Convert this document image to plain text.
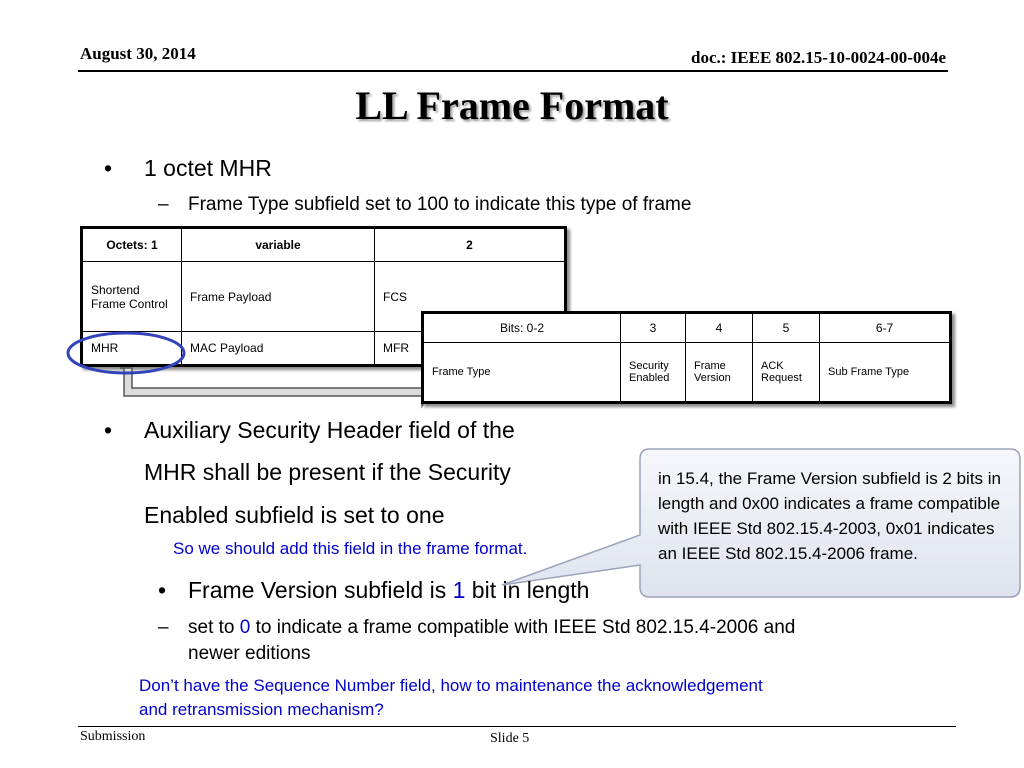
August 30, 2014	doc.: IEEE 802.15-10-0024-00-004e
LL Frame Format
• 1 octet MHR
– Frame Type subfield set to 100 to indicate this type of frame
Octets: 1	variable	2
Shortend Frame Control	Frame Payload	FCS
MHR	MAC Payload	MFR
Bits: 0-2	3	4	5	6-7
Frame Type	Security Enabled	Frame Version	ACK Request	Sub Frame Type
• Auxiliary Security Header field of the
MHR shall be present if the Security
Enabled subfield is set to one
So we should add this field in the frame format.
in 15.4, the Frame Version subfield is 2 bits in length and 0x00 indicates a frame compatible with IEEE Std 802.15.4-2003, 0x01 indicates an IEEE Std 802.15.4-2006 frame.
• Frame Version subfield is 1 bit in length
– set to 0 to indicate a frame compatible with IEEE Std 802.15.4-2006 and
newer editions
Don’t have the Sequence Number field, how to maintenance the acknowledgement
and retransmission mechanism?
Submission	Slide 5
